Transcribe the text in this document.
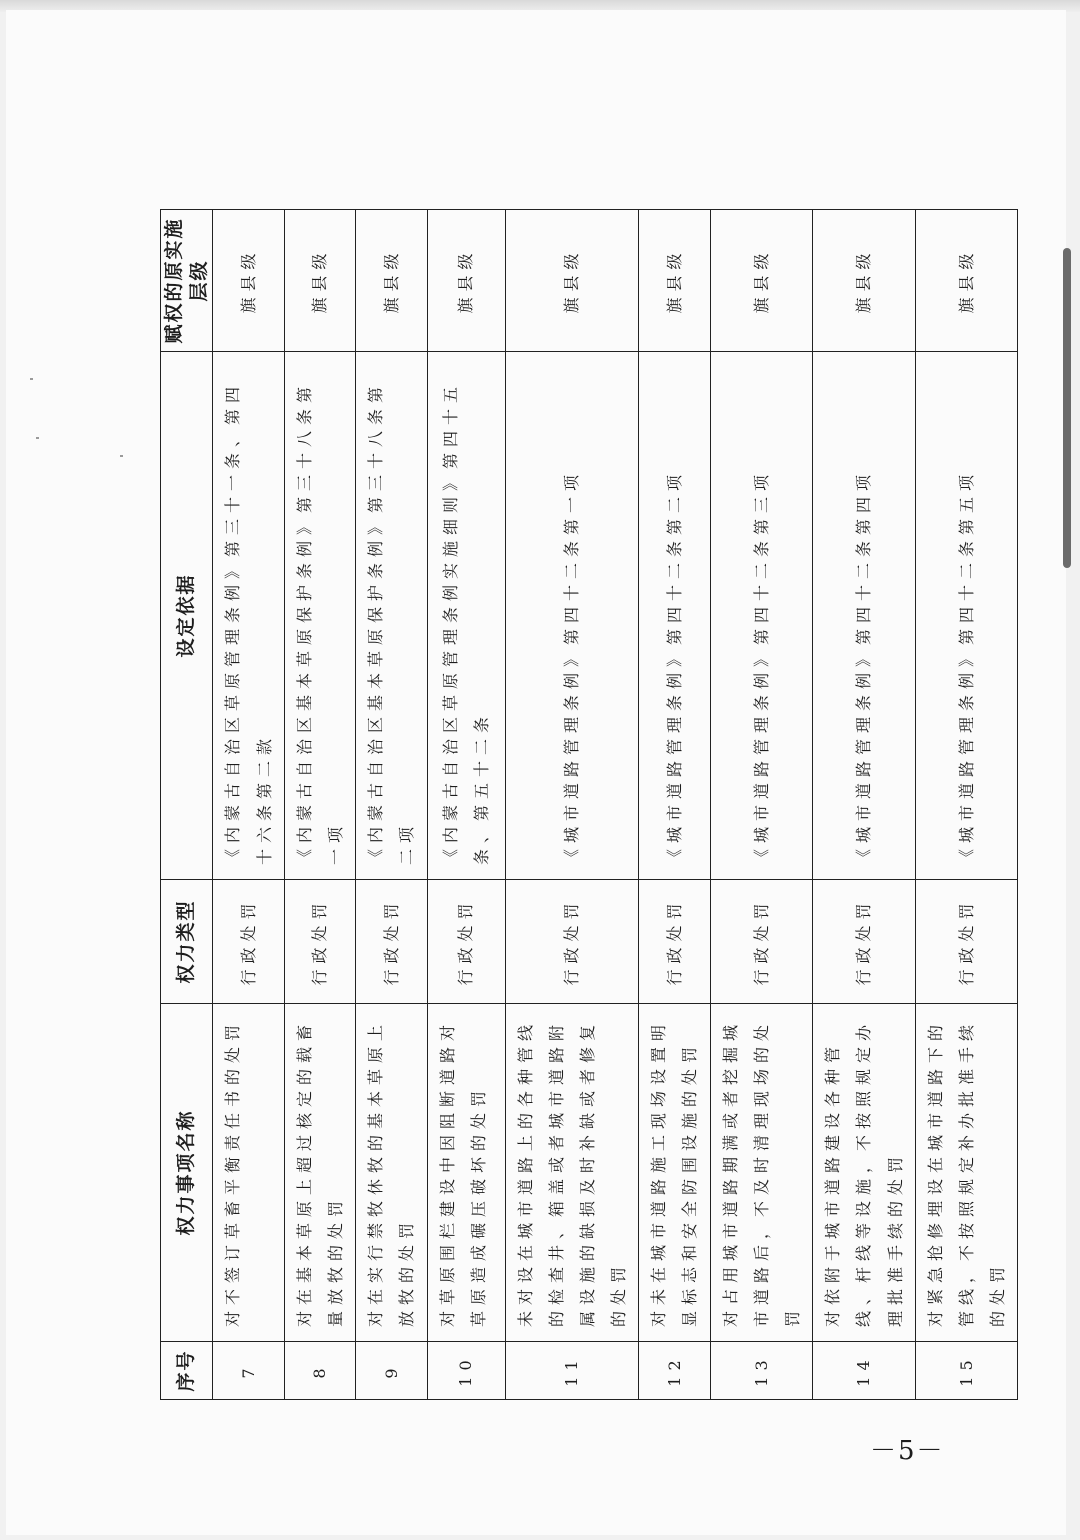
序号	权力事项名称	权力类型	设定依据	赋权的原实施层级
7	对不签订草畜平衡责任书的处罚	行政处罚	《内蒙古自治区草原管理条例》第三十一条、第四十六条第二款	旗县级
8	对在基本草原上超过核定的载畜量放牧的处罚	行政处罚	《内蒙古自治区基本草原保护条例》第三十八条第一项	旗县级
9	对在实行禁牧休牧的基本草原上放牧的处罚	行政处罚	《内蒙古自治区基本草原保护条例》第三十八条第二项	旗县级
10	对草原围栏建设中因阻断道路对草原造成碾压破坏的处罚	行政处罚	《内蒙古自治区草原管理条例实施细则》第四十五条、第五十二条	旗县级
11	未对设在城市道路上的各种管线的检查井、箱盖或者城市道路附属设施的缺损及时补缺或者修复的处罚	行政处罚	《城市道路管理条例》第四十二条第一项	旗县级
12	对未在城市道路施工现场设置明显标志和安全防围设施的处罚	行政处罚	《城市道路管理条例》第四十二条第二项	旗县级
13	对占用城市道路期满或者挖掘城市道路后，不及时清理现场的处罚	行政处罚	《城市道路管理条例》第四十二条第三项	旗县级
14	对依附于城市道路建设各种管线、杆线等设施，不按照规定办理批准手续的处罚	行政处罚	《城市道路管理条例》第四十二条第四项	旗县级
15	对紧急抢修埋设在城市道路下的管线，不按照规定补办批准手续的处罚	行政处罚	《城市道路管理条例》第四十二条第五项	旗县级
－5－
